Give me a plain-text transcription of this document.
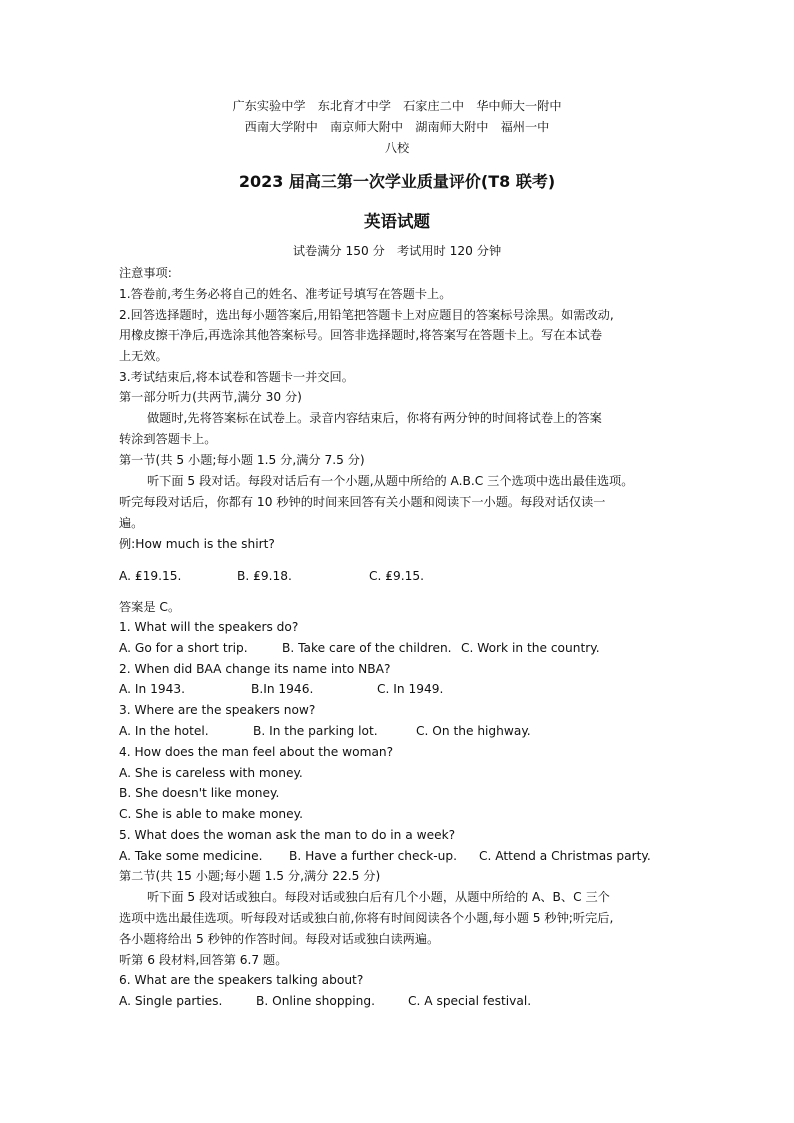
广东实验中学　东北育才中学　石家庄二中　华中师大一附中
西南大学附中　南京师大附中　湖南师大附中　福州一中
八校
2023 届高三第一次学业质量评价(T8 联考)
英语试题
试卷满分 150 分　考试用时 120 分钟
注意事项:
1.答卷前,考生务必将自己的姓名、准考证号填写在答题卡上。
2.回答选择题时，选出每小题答案后,用铅笔把答题卡上对应题目的答案标号涂黑。如需改动,
用橡皮擦干净后,再选涂其他答案标号。回答非选择题时,将答案写在答题卡上。写在本试卷
上无效。
3.考试结束后,将本试卷和答题卡一并交回。
第一部分听力(共两节,满分 30 分)
做题时,先将答案标在试卷上。录音内容结束后，你将有两分钟的时间将试卷上的答案
转涂到答题卡上。
第一节(共 5 小题;每小题 1.5 分,满分 7.5 分)
听下面 5 段对话。每段对话后有一个小题,从题中所给的 A.B.C 三个选项中选出最佳选项。
听完每段对话后，你都有 10 秒钟的时间来回答有关小题和阅读下一小题。每段对话仅读一
遍。
例:How much is the shirt?
A. ₤19.15.	B. ₤9.18.	C. ₤9.15.
答案是 C。
1. What will the speakers do?
A. Go for a short trip.	B. Take care of the children. C. Work in the country.
2. When did BAA change its name into NBA?
A. In 1943.	B.In 1946.	C. In 1949.
3. Where are the speakers now?
A. In the hotel.	B. In the parking lot.	C. On the highway.
4. How does the man feel about the woman?
A. She is careless with money.
B. She doesn't like money.
C. She is able to make money.
5. What does the woman ask the man to do in a week?
A. Take some medicine. B. Have a further check-up. C. Attend a Christmas party.
第二节(共 15 小题;每小题 1.5 分,满分 22.5 分)
听下面 5 段对话或独白。每段对话或独白后有几个小题，从题中所给的 A、B、C 三个
选项中选出最佳选项。听每段对话或独白前,你将有时间阅读各个小题,每小题 5 秒钟;听完后,
各小题将给出 5 秒钟的作答时间。每段对话或独白读两遍。
听第 6 段材料,回答第 6.7 题。
6. What are the speakers talking about?
A. Single parties.	B. Online shopping.	C. A special festival.
